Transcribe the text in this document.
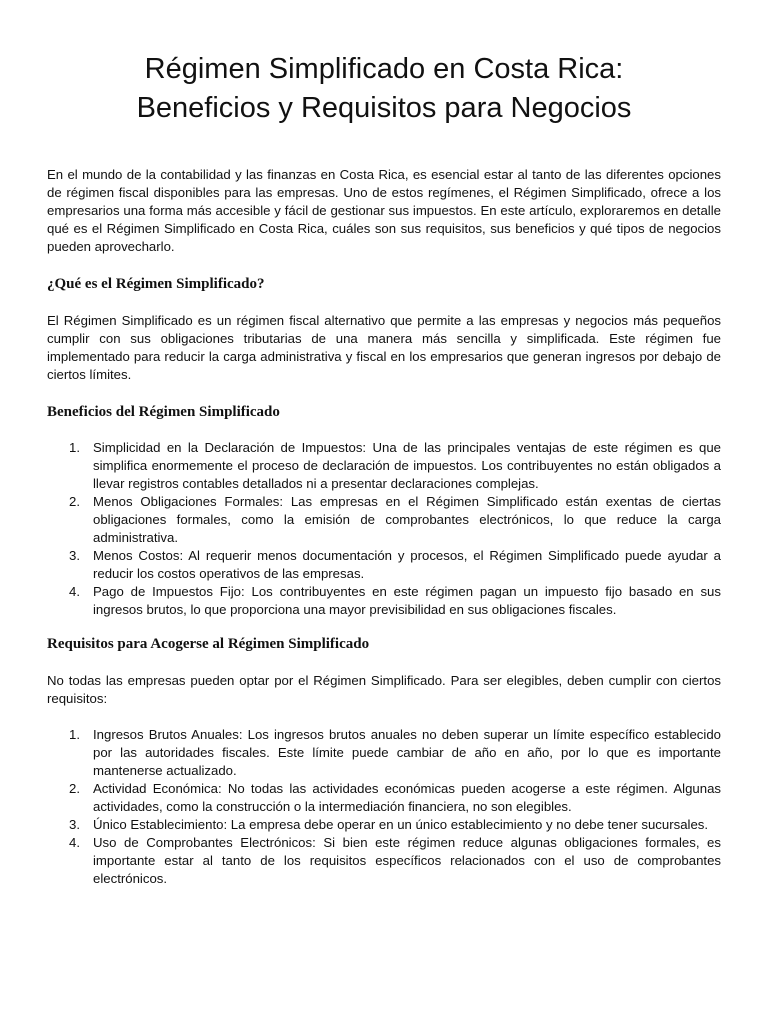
Régimen Simplificado en Costa Rica:
Beneficios y Requisitos para Negocios

En el mundo de la contabilidad y las finanzas en Costa Rica, es esencial estar al tanto de las diferentes opciones de régimen fiscal disponibles para las empresas. Uno de estos regímenes, el Régimen Simplificado, ofrece a los empresarios una forma más accesible y fácil de gestionar sus impuestos. En este artículo, exploraremos en detalle qué es el Régimen Simplificado en Costa Rica, cuáles son sus requisitos, sus beneficios y qué tipos de negocios pueden aprovecharlo.

¿Qué es el Régimen Simplificado?

El Régimen Simplificado es un régimen fiscal alternativo que permite a las empresas y negocios más pequeños cumplir con sus obligaciones tributarias de una manera más sencilla y simplificada. Este régimen fue implementado para reducir la carga administrativa y fiscal en los empresarios que generan ingresos por debajo de ciertos límites.

Beneficios del Régimen Simplificado
1. Simplicidad en la Declaración de Impuestos: Una de las principales ventajas de este régimen es que simplifica enormemente el proceso de declaración de impuestos. Los contribuyentes no están obligados a llevar registros contables detallados ni a presentar declaraciones complejas.
2. Menos Obligaciones Formales: Las empresas en el Régimen Simplificado están exentas de ciertas obligaciones formales, como la emisión de comprobantes electrónicos, lo que reduce la carga administrativa.
3. Menos Costos: Al requerir menos documentación y procesos, el Régimen Simplificado puede ayudar a reducir los costos operativos de las empresas.
4. Pago de Impuestos Fijo: Los contribuyentes en este régimen pagan un impuesto fijo basado en sus ingresos brutos, lo que proporciona una mayor previsibilidad en sus obligaciones fiscales.
Requisitos para Acogerse al Régimen Simplificado

No todas las empresas pueden optar por el Régimen Simplificado. Para ser elegibles, deben cumplir con ciertos requisitos:

1. Ingresos Brutos Anuales: Los ingresos brutos anuales no deben superar un límite específico establecido por las autoridades fiscales. Este límite puede cambiar de año en año, por lo que es importante mantenerse actualizado.
2. Actividad Económica: No todas las actividades económicas pueden acogerse a este régimen. Algunas actividades, como la construcción o la intermediación financiera, no son elegibles.
3. Único Establecimiento: La empresa debe operar en un único establecimiento y no debe tener sucursales.
4. Uso de Comprobantes Electrónicos: Si bien este régimen reduce algunas obligaciones formales, es importante estar al tanto de los requisitos específicos relacionados con el uso de comprobantes electrónicos.
